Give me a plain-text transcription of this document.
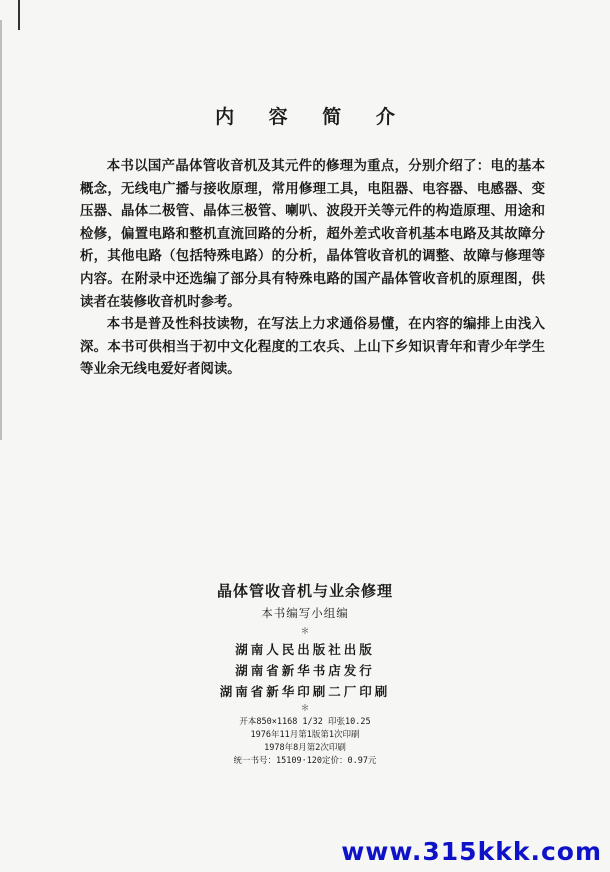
内 容 简 介

本书以国产晶体管收音机及其元件的修理为重点，分别介绍了：电的基本概念，无线电广播与接收原理，常用修理工具，电阻器、电容器、电感器、变压器、晶体二极管、晶体三极管、喇叭、波段开关等元件的构造原理、用途和检修，偏置电路和整机直流回路的分析，超外差式收音机基本电路及其故障分析，其他电路（包括特殊电路）的分析，晶体管收音机的调整、故障与修理等内容。在附录中还选编了部分具有特殊电路的国产晶体管收音机的原理图，供读者在装修收音机时参考。

本书是普及性科技读物，在写法上力求通俗易懂，在内容的编排上由浅入深。本书可供相当于初中文化程度的工农兵、上山下乡知识青年和青少年学生等业余无线电爱好者阅读。

晶体管收音机与业余修理
本书编写小组编
＊
湖南人民出版社出版
湖南省新华书店发行
湖南省新华印刷二厂印刷
＊
开本850×1168 1/32 印张10.25
1976年11月第1版第1次印刷
1978年8月第2次印刷
统一书号：15109·120定价：0.97元
www.315kkk.com
